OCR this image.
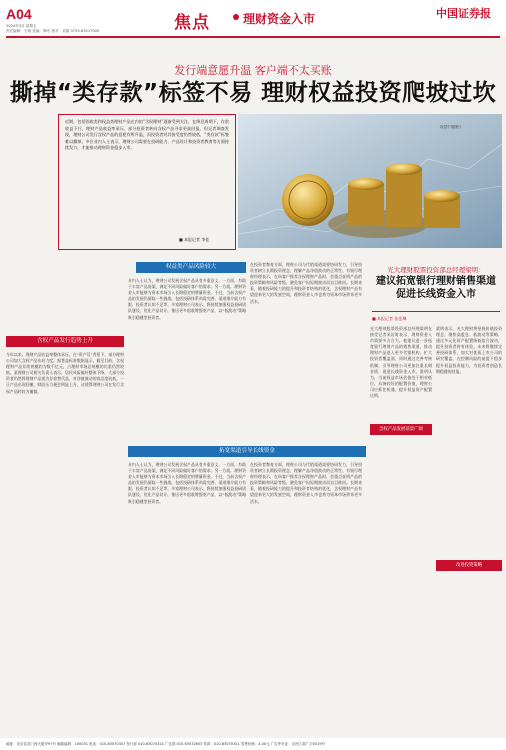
A04
2024年3月 星期五
责任编辑：于晓 美编：梅冬 校对：袁嘉 0755-83517000	焦点	理财资金入市	中国证券报
发行端意愿升温 客户端不太买账
撕掉“类存款”标签不易 理财权益投资爬坡过坎
近期，包括固收类和权益类理财产品在内的“含权理财”逐渐受到关注。在降息周期下，存款收益下行，理财产品收益率承压，部分投资者转向含权产品寻求更高回报。但记者调查发现，理财公司发行含权产品的意愿有所升温，而投资者对其接受度仍然较低，“类存款”标签难以撕掉。多位业内人士表示，理财公司需要在投研能力、产品设计和投资者教育等方面持续发力，才能推动理财资金稳步入市。
■ 本报记者 李佳
视觉中国图片
含权产品发行趋势上升
今年以来，理财产品收益率整体承压，在“资产荒”背景下，部分理财公司加大含权产品布局力度。据普益标准数据显示，截至目前，含权理财产品存续规模约为数千亿元，占理财市场总规模的比重仍然较低。某理财公司相关负责人表示，居民风险偏好整体下降，大部分投资者仍然将理财产品视为存款替代品，对净值波动的容忍度较低。一旦产品出现回撤，赎回压力便会明显上升，这使得理财公司在发行含权产品时较为谨慎。
权益类产品风险较大
业内人士认为，理财公司发展含权产品具有多重意义。一方面，有助于丰富产品货架，满足不同风险偏好客户的需求；另一方面，理财资金入市能够为资本市场引入长期稳定的增量资金。不过，当前含权产品的发展仍面临一些挑战，包括投研体系尚需完善、渠道推介能力有限、投资者认知不足等。多家理财公司表示，将持续加强权益投研团队建设，优化产品设计，推出更多固收增强类产品，以“低波动”策略吸引稳健型投资者。
拓宽渠道引导长线资金
业内人士认为，理财公司发展含权产品具有多重意义。一方面，有助于丰富产品货架，满足不同风险偏好客户的需求；另一方面，理财资金入市能够为资本市场引入长期稳定的增量资金。不过，当前含权产品的发展仍面临一些挑战，包括投研体系尚需完善、渠道推介能力有限、投资者认知不足等。多家理财公司表示，将持续加强权益投研团队建设，优化产品设计，推出更多固收增强类产品，以“低波动”策略吸引稳健型投资者。
在投资者教育方面，理财公司与代销渠道需要协同发力，引导投资者树立长期投资理念，理解产品净值波动的正常性。有银行理财经理表示，在向客户推荐含权理财产品时，会重点说明产品的投资策略和风险等级，避免客户因短期波动而盲目赎回。长期来看，随着投研能力的提升和投资者结构的优化，含权理财产品有望迎来更大的发展空间，理财资金入市也将为资本市场带来更多活水。
在投资者教育方面，理财公司与代销渠道需要协同发力，引导投资者树立长期投资理念，理解产品净值波动的正常性。有银行理财经理表示，在向客户推荐含权理财产品时，会重点说明产品的投资策略和风险等级，避免客户因短期波动而盲目赎回。长期来看，随着投研能力的提升和投资者结构的优化，含权理财产品有望迎来更大的发展空间，理财资金入市也将为资本市场带来更多活水。
光大理财股票投资部总经理梁明：
建议拓宽银行理财销售渠道
促进长线资金入市
■ 本报记者 张佳琳
光大理财股票投资部总经理梁明在接受记者采访时表示，理财资金入市需要多方合力。他建议进一步拓宽银行理财产品的销售渠道，推动理财产品进入更多代销机构，扩大投资者覆盖面，同时通过完善考核机制，引导理财公司更加注重长期业绩，促进长线资金入市。梁明认为，当前权益市场估值处于相对低位，具备较好的配置价值，理财公司应抓住机遇，提升权益资产配置比例。
含权产品发展前景广阔
梁明表示，光大理财将坚持价值投资理念，聚焦高股息、低波动等策略，通过多元化资产配置降低组合波动，提升投资者持有体验。未来将继续完善投研体系，加大对优质上市公司的研究覆盖，在控制风险的前提下稳步提升权益投资能力，为投资者创造长期稳健的回报。
改进投资策略
地址：北京宣武门西大街甲97号 邮政编码：100031 电话：010-63070307 发行部 010-63070324 广告部 010-63072653 传真：010-63070321 零售价格：4.00元 广告许可证：京西工商广字0019号
